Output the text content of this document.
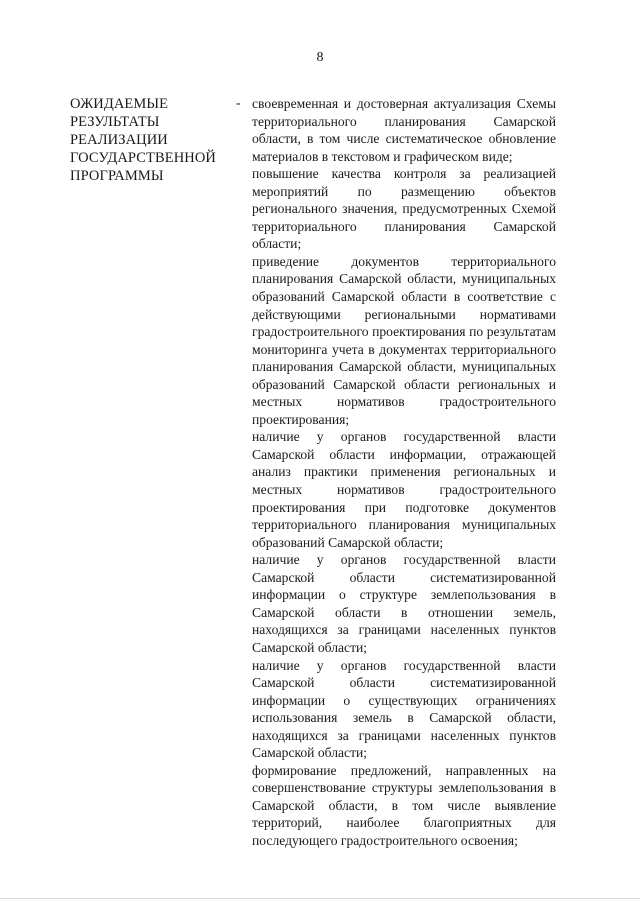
8
ОЖИДАЕМЫЕ
РЕЗУЛЬТАТЫ
РЕАЛИЗАЦИИ
ГОСУДАРСТВЕННОЙ
ПРОГРАММЫ
- своевременная и достоверная актуализация Схемы территориального планирования Самарской области, в том числе систематическое обновление материалов в текстовом и графическом виде;

повышение качества контроля за реализацией мероприятий по размещению объектов регионального значения, предусмотренных Схемой территориального планирования Самарской области;

приведение документов территориального планирования Самарской области, муниципальных образований Самарской области в соответствие с действующими региональными нормативами градостроительного проектирования по результатам мониторинга учета в документах территориального планирования Самарской области, муниципальных образований Самарской области региональных и местных нормативов градостроительного проектирования;

наличие у органов государственной власти Самарской области информации, отражающей анализ практики применения региональных и местных нормативов градостроительного проектирования при подготовке документов территориального планирования муниципальных образований Самарской области;

наличие у органов государственной власти Самарской области систематизированной информации о структуре землепользования в Самарской области в отношении земель, находящихся за границами населенных пунктов Самарской области;

наличие у органов государственной власти Самарской области систематизированной информации о существующих ограничениях использования земель в Самарской области, находящихся за границами населенных пунктов Самарской области;

формирование предложений, направленных на совершенствование структуры землепользования в Самарской области, в том числе выявление территорий, наиболее благоприятных для последующего градостроительного освоения;
